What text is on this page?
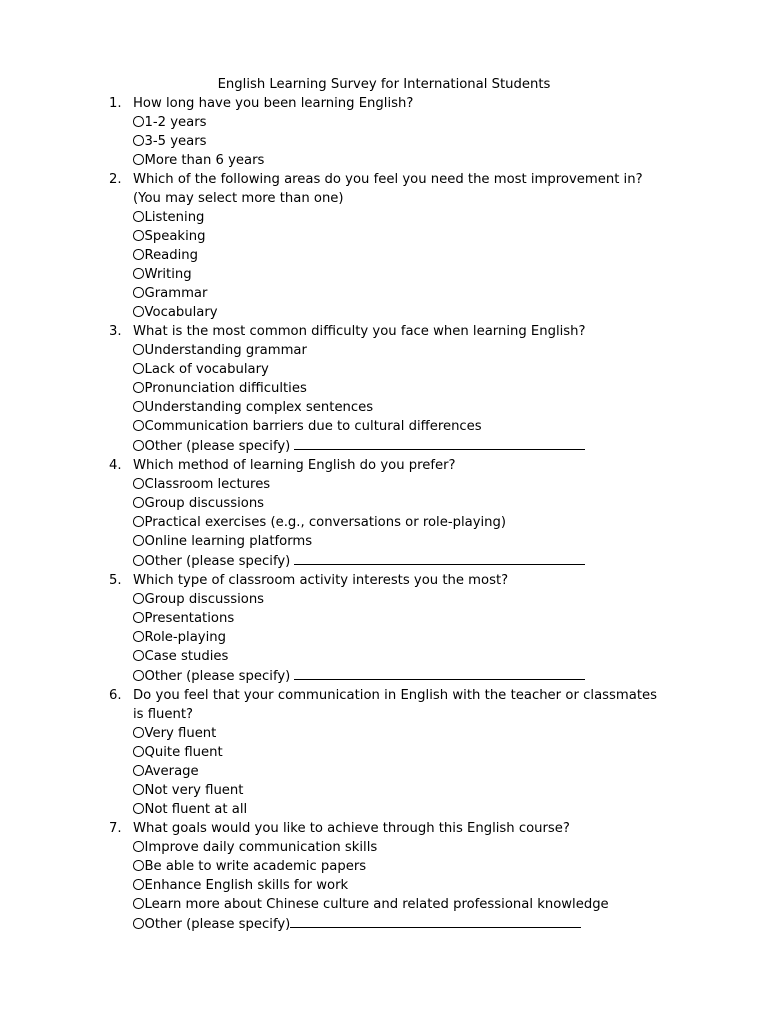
English Learning Survey for International Students
1. How long have you been learning English?
1-2 years
3-5 years
More than 6 years
2. Which of the following areas do you feel you need the most improvement in?
(You may select more than one)
Listening
Speaking
Reading
Writing
Grammar
Vocabulary
3. What is the most common difficulty you face when learning English?
Understanding grammar
Lack of vocabulary
Pronunciation difficulties
Understanding complex sentences
Communication barriers due to cultural differences
Other (please specify)
4. Which method of learning English do you prefer?
Classroom lectures
Group discussions
Practical exercises (e.g., conversations or role-playing)
Online learning platforms
Other (please specify)
5. Which type of classroom activity interests you the most?
Group discussions
Presentations
Role-playing
Case studies
Other (please specify)
6. Do you feel that your communication in English with the teacher or classmates is fluent?
Very fluent
Quite fluent
Average
Not very fluent
Not fluent at all
7. What goals would you like to achieve through this English course?
Improve daily communication skills
Be able to write academic papers
Enhance English skills for work
Learn more about Chinese culture and related professional knowledge
Other (please specify)
